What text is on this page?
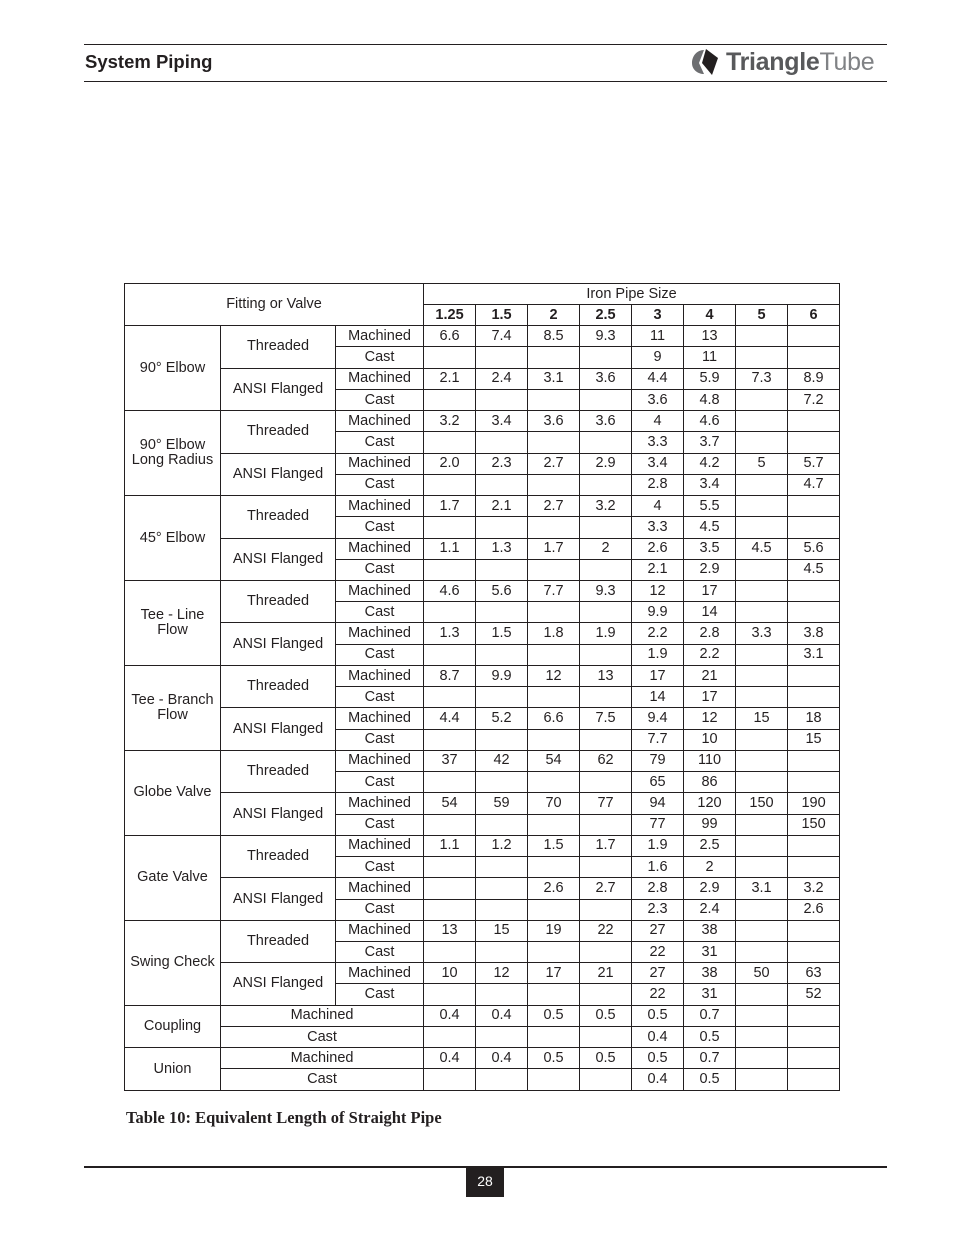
System Piping	TriangleTube
Fitting or Valve			Iron Pipe Size							
			1.25	1.5	2	2.5	3	4	5	6
90° Elbow	Threaded	Machined	6.6	7.4	8.5	9.3	11	13		
		Cast					9	11		
	ANSI Flanged	Machined	2.1	2.4	3.1	3.6	4.4	5.9	7.3	8.9
		Cast					3.6	4.8		7.2
90° Elbow Long Radius	Threaded	Machined	3.2	3.4	3.6	3.6	4	4.6		
		Cast					3.3	3.7		
	ANSI Flanged	Machined	2.0	2.3	2.7	2.9	3.4	4.2	5	5.7
		Cast					2.8	3.4		4.7
45° Elbow	Threaded	Machined	1.7	2.1	2.7	3.2	4	5.5		
		Cast					3.3	4.5		
	ANSI Flanged	Machined	1.1	1.3	1.7	2	2.6	3.5	4.5	5.6
		Cast					2.1	2.9		4.5
Tee - Line Flow	Threaded	Machined	4.6	5.6	7.7	9.3	12	17		
		Cast					9.9	14		
	ANSI Flanged	Machined	1.3	1.5	1.8	1.9	2.2	2.8	3.3	3.8
		Cast					1.9	2.2		3.1
Tee - Branch Flow	Threaded	Machined	8.7	9.9	12	13	17	21		
		Cast					14	17		
	ANSI Flanged	Machined	4.4	5.2	6.6	7.5	9.4	12	15	18
		Cast					7.7	10		15
Globe Valve	Threaded	Machined	37	42	54	62	79	110		
		Cast					65	86		
	ANSI Flanged	Machined	54	59	70	77	94	120	150	190
		Cast					77	99		150
Gate Valve	Threaded	Machined	1.1	1.2	1.5	1.7	1.9	2.5		
		Cast					1.6	2		
	ANSI Flanged	Machined			2.6	2.7	2.8	2.9	3.1	3.2
		Cast					2.3	2.4		2.6
Swing Check	Threaded	Machined	13	15	19	22	27	38		
		Cast					22	31		
	ANSI Flanged	Machined	10	12	17	21	27	38	50	63
		Cast					22	31		52
Coupling	Machined		0.4	0.4	0.5	0.5	0.5	0.7		
	Cast						0.4	0.5		
Union	Machined		0.4	0.4	0.5	0.5	0.5	0.7		
	Cast						0.4	0.5		
Table 10: Equivalent Length of Straight Pipe
28
